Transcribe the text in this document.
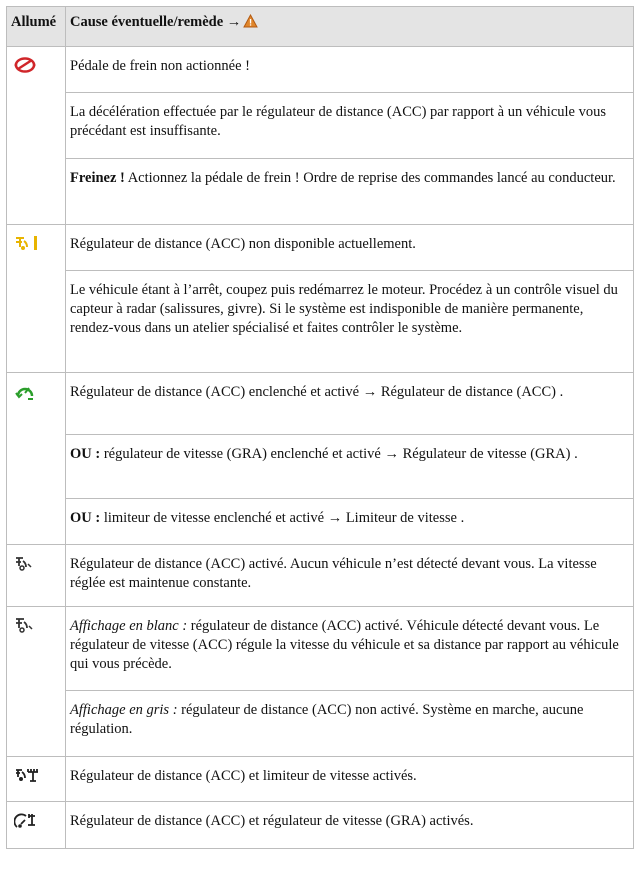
Allumé	Cause éventuelle/remède →

	Pédale de frein non actionnée !
	La décélération effectuée par le régulateur de distance (ACC) par rapport à un véhicule vous précédant est insuffisante.
	Freinez ! Actionnez la pédale de frein ! Ordre de reprise des commandes lancé au conducteur.

	Régulateur de distance (ACC) non disponible actuellement.
	Le véhicule étant à l’arrêt, coupez puis redémarrez le moteur. Procédez à un contrôle visuel du capteur à radar (salissures, givre). Si le système est indisponible de manière permanente, rendez-vous dans un atelier spécialisé et faites contrôler le système.

	Régulateur de distance (ACC) enclenché et activé → Régulateur de distance (ACC) .
	OU : régulateur de vitesse (GRA) enclenché et activé → Régulateur de vitesse (GRA) .
	OU : limiteur de vitesse enclenché et activé → Limiteur de vitesse .

	Régulateur de distance (ACC) activé. Aucun véhicule n’est détecté devant vous. La vitesse réglée est maintenue constante.

	Affichage en blanc : régulateur de distance (ACC) activé. Véhicule détecté devant vous. Le régulateur de vitesse (ACC) régule la vitesse du véhicule et sa distance par rapport au véhicule qui vous précède.
	Affichage en gris : régulateur de distance (ACC) non activé. Système en marche, aucune régulation.

	Régulateur de distance (ACC) et limiteur de vitesse activés.

	Régulateur de distance (ACC) et régulateur de vitesse (GRA) activés.
